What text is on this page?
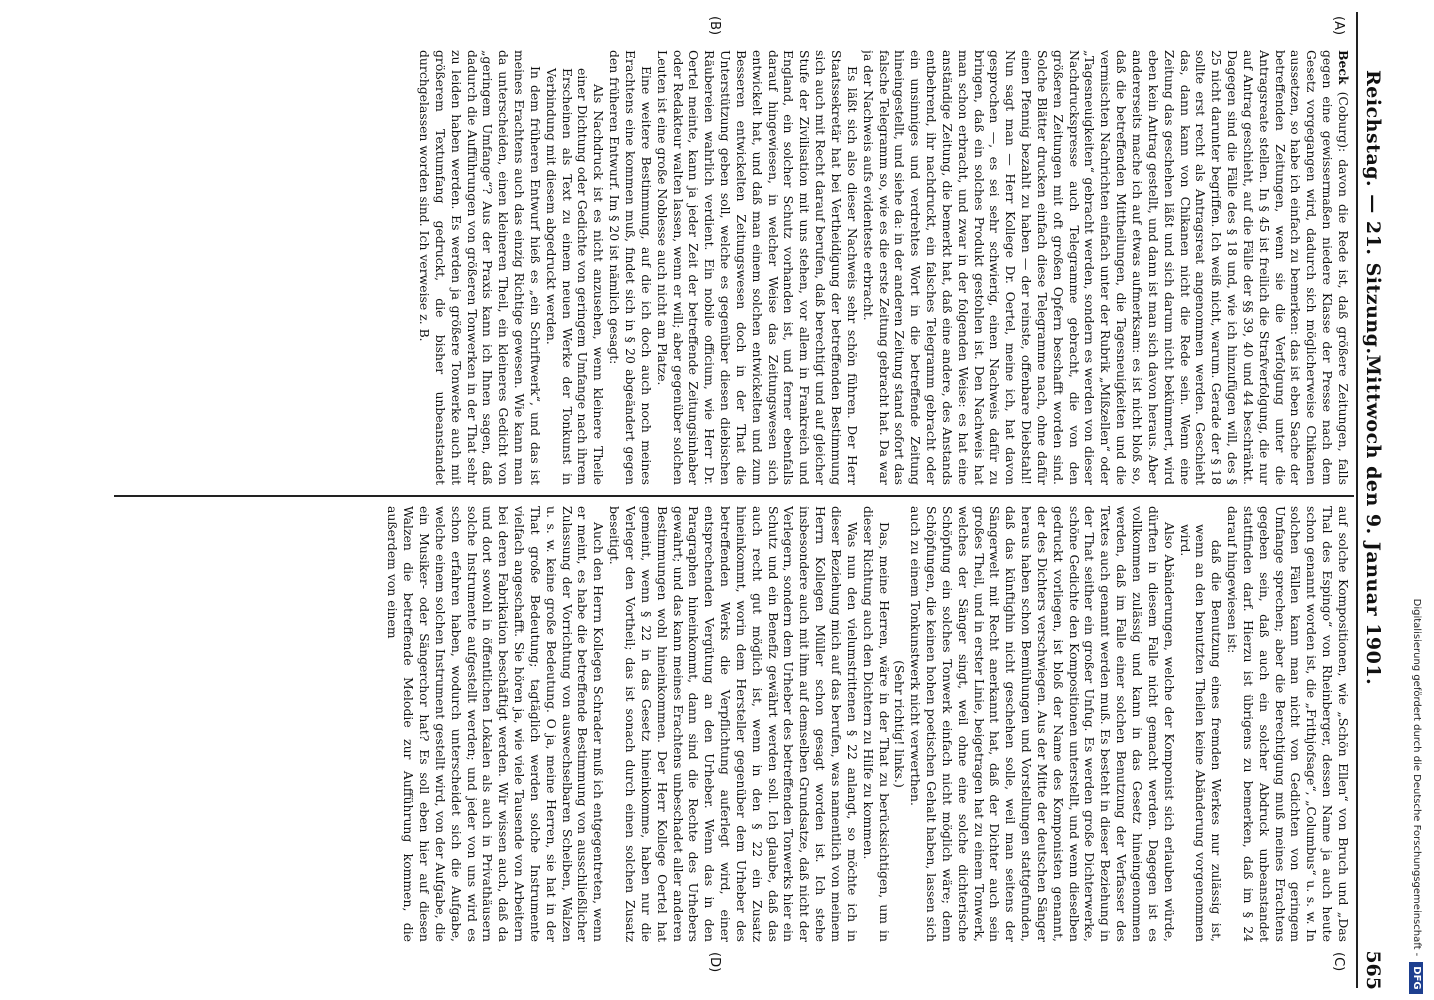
Reichstag. — 21. Sitzung.
Mittwoch den 9. Januar 1901.
565
(A)
(B)
(C)
(D)

Beck (Coburg): davon die Rede ist, daß größere Zeitungen, falls gegen eine gewissermaßen niedere Klasse der Presse nach dem Gesetz vorgegangen wird, dadurch sich möglicherweise Chikanen aussetzen, so habe ich einfach zu bemerken: das ist eben Sache der betreffenden Zeitungen, wenn sie die Verfolgung unter die Antragsreate stellen. In § 45 ist freilich die Strafverfolgung, die nur auf Antrag geschieht, auf die Fälle der §§ 39, 40 und 44 beschränkt. Dagegen sind die Fälle des § 18 und, wie ich hinzufügen will, des § 25 nicht darunter begriffen. Ich weiß nicht, warum. Gerade der § 18 sollte erst recht als Antragsreat angenommen werden. Geschieht das, dann kann von Chikanen nicht die Rede sein. Wenn eine Zeitung das geschehen läßt und sich darum nicht bekümmert, wird eben kein Antrag gestellt, und dann ist man sich davon heraus. Aber andererseits mache ich auf etwas aufmerksam: es ist nicht bloß so, daß die betreffenden Mittheilungen, die Tagesneuigkeiten und die vermischten Nachrichten einfach unter der Rubrik „Mißzellen“ oder „Tagesneuigkeiten“ gebracht werden, sondern es werden von dieser Nachdruckspresse auch Telegramme gebracht, die von den größeren Zeitungen mit oft großen Opfern beschafft worden sind. Solche Blätter drucken einfach diese Telegramme nach, ohne dafür einen Pfennig bezahlt zu haben — der reinste, offenbare Diebstahl! Nun sagt man — Herr Kollege Dr. Oertel, meine ich, hat davon gesprochen —, es sei sehr schwierig, einen Nachweis dafür zu bringen, daß ein solches Produkt gestohlen ist. Den Nachweis hat man schon erbracht, und zwar in der folgenden Weise: es hat eine anständige Zeitung, die bemerkt hat, daß eine andere, des Anstands entbehrend, ihr nachdruckt, ein falsches Telegramm gebracht oder ein unsinniges und verdrehtes Wort in die betreffende Zeitung hineingestellt, und siehe da: in der anderen Zeitung stand sofort das falsche Telegramm so, wie es die erste Zeitung gebracht hat. Da war ja der Nachweis aufs evidenteste erbracht.

Es läßt sich also dieser Nachweis sehr schön führen. Der Herr Staatssekretär hat bei Vertheidigung der betreffenden Bestimmung sich auch mit Recht darauf berufen, daß berechtigt und auf gleicher Stufe der Zivilisation mit uns stehen, vor allem in Frankreich und England, ein solcher Schutz vorhanden ist, und ferner ebenfalls darauf hingewiesen, in welcher Weise das Zeitungswesen sich entwickelt hat, und daß man einem solchen entwickelten und zum Besseren entwickelten Zeitungswesen doch in der That die Unterstützung geben soll, welche es gegenüber diesen diebischen Räubereien wahrlich verdient. Ein nobile officium, wie Herr Dr. Oertel meinte, kann ja jeder Zeit der betreffende Zeitungsinhaber oder Redakteur walten lassen, wenn er will; aber gegenüber solchen Leuten ist eine große Noblesse auch nicht am Platze.

Eine weitere Bestimmung, auf die ich doch auch noch meines Erachtens eine kommen muß, findet sich in § 20 abgeändert gegen den früheren Entwurf. Im § 20 ist nämlich gesagt:

Als Nachdruck ist es nicht anzusehen, wenn kleinere Theile einer Dichtung oder Gedichte von geringem Umfange nach ihrem Erscheinen als Text zu einem neuen Werke der Tonkunst in Verbindung mit diesem abgedruckt werden.

In dem früheren Entwurf hieß es „ein Schriftwerk“, und das ist meines Erachtens auch das einzig Richtige gewesen. Wie kann man da unterscheiden, einen kleineren Theil, ein kleineres Gedicht von „geringem Umfange“? Aus der Praxis kann ich Ihnen sagen, daß dadurch die Aufführungen von größeren Tonwerken in der That sehr zu leiden haben werden. Es werden ja größere Tonwerke auch mit größerem Textumfang gedruckt, die bisher unbeanstandet durchgelassen worden sind. Ich verweise z. B.

auf solche Kompositionen, wie „Schön Ellen“ von Bruch und „Das Thal des Espingo“ von Rheinberger, dessen Name ja auch heute schon genannt worden ist, die „Frithjofsage“, „Columbus“ u. s. w. In solchen Fällen kann man nicht von Gedichten von geringem Umfange sprechen; aber die Berechtigung muß meines Erachtens gegeben sein, daß auch ein solcher Abdruck unbeanstandet stattfinden darf. Hierzu ist übrigens zu bemerken, daß im § 24 darauf hingewiesen ist:

daß die Benutzung eines fremden Werkes nur zulässig ist, wenn an den benutzten Theilen keine Abänderung vorgenommen wird.

Also Abänderungen, welche der Komponist sich erlauben würde, dürften in diesem Falle nicht gemacht werden. Dagegen ist es vollkommen zulässig und kann in das Gesetz hineingenommen werden, daß im Falle einer solchen Benutzung der Verfasser des Textes auch genannt werden muß. Es besteht in dieser Beziehung in der That seither ein großer Unfug. Es werden große Dichterwerke, schöne Gedichte den Kompositionen unterstellt, und wenn dieselben gedruckt vorliegen, ist bloß der Name des Komponisten genannt, der des Dichters verschwiegen. Aus der Mitte der deutschen Sänger heraus haben schon Bemühungen und Vorstellungen stattgefunden, daß das künftighin nicht geschehen solle, weil man seitens der Sängerwelt mit Recht anerkannt hat, daß der Dichter auch sein großes Theil, und in erster Linie, beigetragen hat zu einem Tonwerk, welches der Sänger singt, weil ohne eine solche dichterische Schöpfung ein solches Tonwerk einfach nicht möglich wäre; denn Schöpfungen, die keinen hohen poetischen Gehalt haben, lassen sich auch zu einem Tonkunstwerk nicht verwerthen.

(Sehr richtig! links.)

Das, meine Herren, wäre in der That zu berücksichtigen, um in dieser Richtung auch den Dichtern zu Hilfe zu kommen.

Was nun den vielumstrittenen § 22 anlangt, so möchte ich in dieser Beziehung mich auf das berufen, was namentlich von meinem Herrn Kollegen Müller schon gesagt worden ist. Ich stehe insbesondere auch mit ihm auf demselben Grundsatze, daß nicht der Verlegern, sondern dem Urheber des betreffenden Tonwerks hier ein Schutz und ein Benefiz gewährt werden soll. Ich glaube, daß das auch recht gut möglich ist, wenn in den § 22 ein Zusatz hineinkommt, worin dem Hersteller gegenüber dem Urheber des betreffenden Werks die Verpflichtung auferlegt wird, einer entsprechenden Vergütung an den Urheber. Wenn das in den Paragraphen hineinkommt, dann sind die Rechte des Urhebers gewahrt; und das kann meines Erachtens unbeschadet aller anderen Bestimmungen wohl hineinkommen. Der Herr Kollege Oertel hat gemeint, wenn § 22 in das Gesetz hineinkomme, haben nur die Verleger den Vortheil; das ist sonach durch einen solchen Zusatz beseitigt.

Auch den Herrn Kollegen Schrader muß ich entgegentreten, wenn er meint, es habe die betreffende Bestimmung von ausschließlicher Zulassung der Vorrichtung von auswechselbaren Scheiben, Walzen u. s. w. keine große Bedeutung. O ja, meine Herren, sie hat in der That große Bedeutung; tagtäglich werden solche Instrumente vielfach angeschafft. Sie hören ja, wie viele Tausende von Arbeitern bei deren Fabrikation beschäftigt werden. Wir wissen auch, daß da und dort sowohl in öffentlichen Lokalen als auch in Privathäusern solche Instrumente aufgestellt werden; und jeder von uns wird es schon erfahren haben, wodurch unterscheidet sich die Aufgabe, welche einem solchen Instrument gestellt wird, von der Aufgabe, die ein Musiker- oder Sängerchor hat? Es soll eben hier auf diesen Walzen die betreffende Melodie zur Aufführung kommen, die außerdem von einem

Digitalisierung gefördert durch die Deutsche Forschungsgemeinschaft -DFG
